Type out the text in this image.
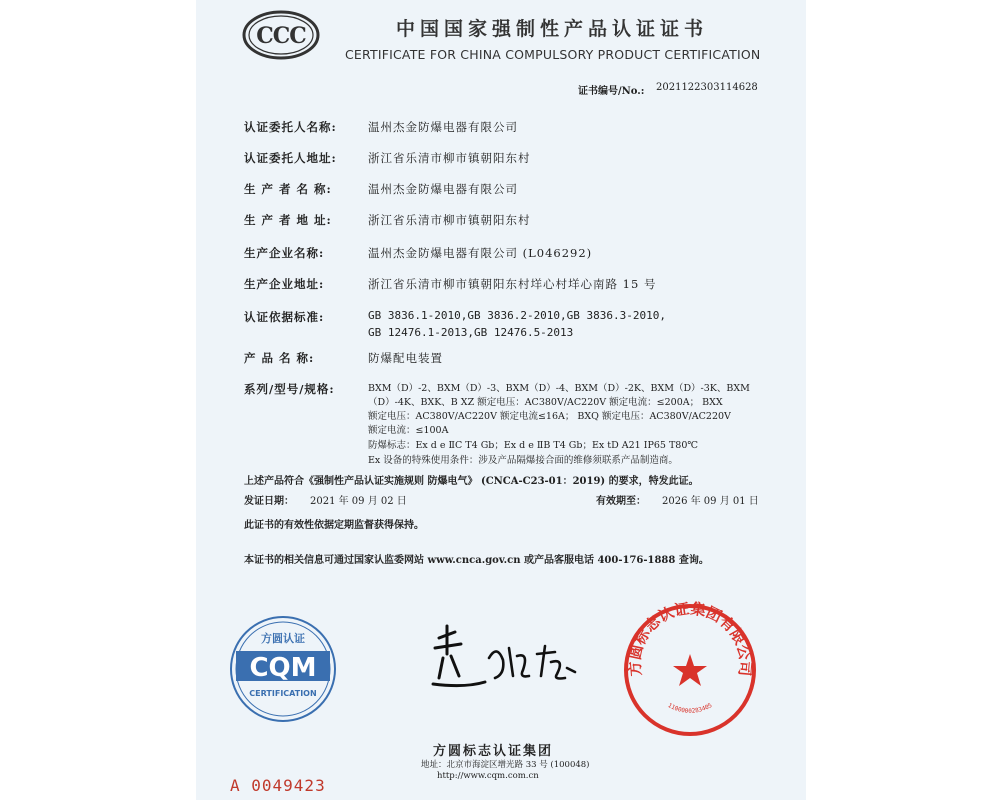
CCC	中国国家强制性产品认证证书
CERTIFICATE FOR CHINA COMPULSORY PRODUCT CERTIFICATION
证书编号/No.: 2021122303114628
认证委托人名称:	温州杰金防爆电器有限公司
认证委托人地址:	浙江省乐清市柳市镇朝阳东村
生 产 者 名 称:	温州杰金防爆电器有限公司
生 产 者 地 址:	浙江省乐清市柳市镇朝阳东村
生产企业名称:	温州杰金防爆电器有限公司 (L046292)
生产企业地址:	浙江省乐清市柳市镇朝阳东村垟心村垟心南路 15 号
认证依据标准:	GB 3836.1-2010,GB 3836.2-2010,GB 3836.3-2010,
GB 12476.1-2013,GB 12476.5-2013
产 品 名 称:	防爆配电装置
系列/型号/规格:	BXM（D）-2、BXM（D）-3、BXM（D）-4、BXM（D）-2K、BXM（D）-3K、BXM
（D）-4K、BXK、B XZ 额定电压：AC380V/AC220V 额定电流：≤200A； BXX
额定电压：AC380V/AC220V 额定电流≤16A； BXQ 额定电压：AC380V/AC220V
额定电流：≤100A
防爆标志：Ex d e ⅡC T4 Gb；Ex d e ⅡB T4 Gb；Ex tD A21 IP65 T80℃
Ex 设备的特殊使用条件：涉及产品隔爆接合面的维修须联系产品制造商。
上述产品符合《强制性产品认证实施规则 防爆电气》 (CNCA-C23-01：2019) 的要求，特发此证。
发证日期： 2021 年 09 月 02 日	有效期至： 2026 年 09 月 01 日
此证书的有效性依据定期监督获得保持。
本证书的相关信息可通过国家认监委网站 www.cnca.gov.cn 或产品客服电话 400-176-1888 查询。
方圆认证
CQM
CERTIFICATION
方圆标志认证集团有限公司
1100000283405
方圆标志认证集团
地址：北京市海淀区增光路 33 号 (100048)
http://www.cqm.com.cn
A 0049423
